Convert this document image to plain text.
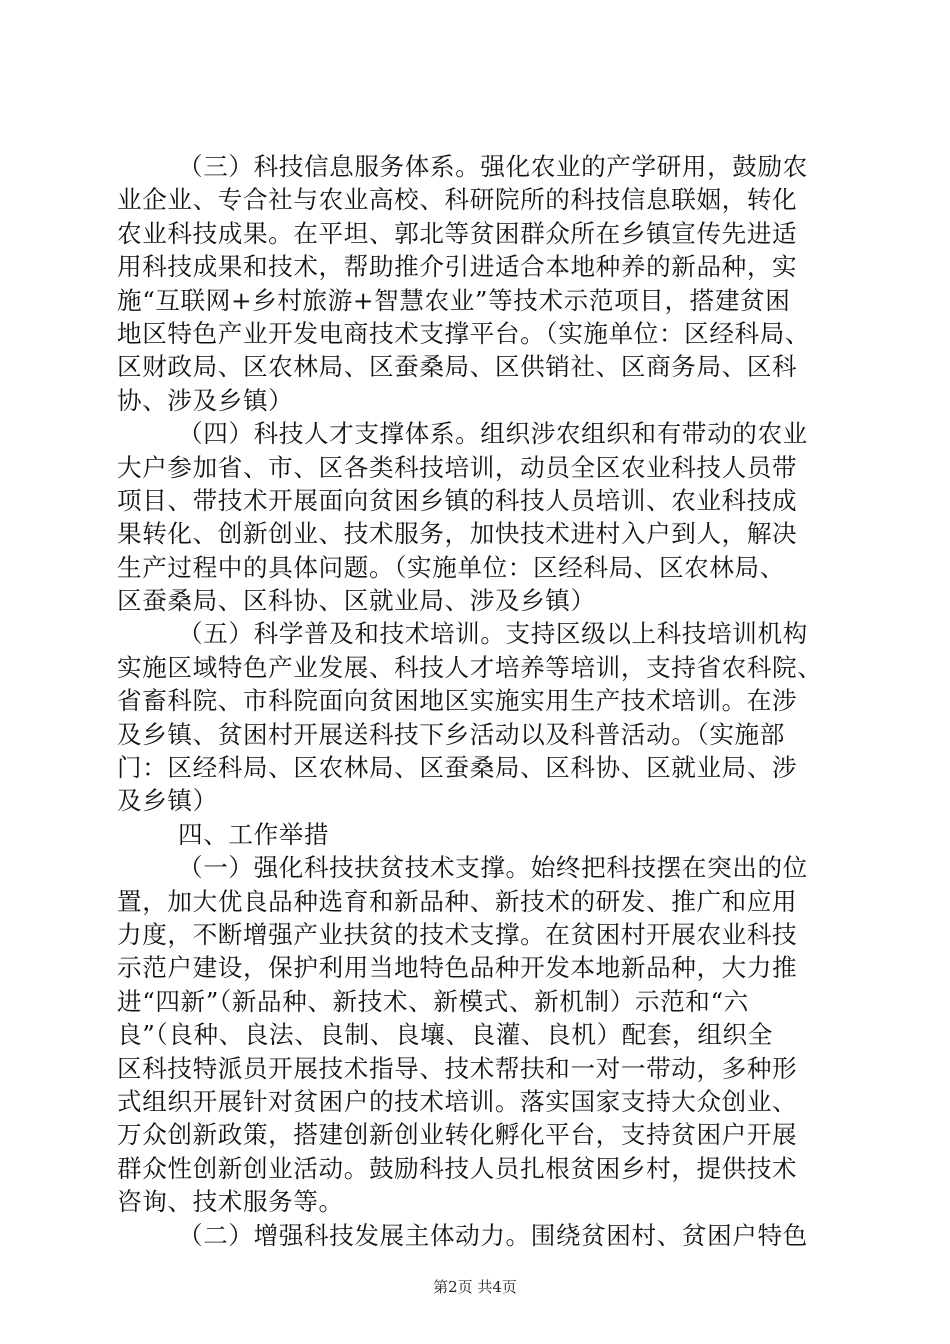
（三）科技信息服务体系。强化农业的产学研用，鼓励农
业企业、专合社与农业高校、科研院所的科技信息联姻，转化
农业科技成果。在平坦、郭北等贫困群众所在乡镇宣传先进适
用科技成果和技术，帮助推介引进适合本地种养的新品种，实
施“互联网+乡村旅游+智慧农业”等技术示范项目，搭建贫困
地区特色产业开发电商技术支撑平台。（实施单位：区经科局、
区财政局、区农林局、区蚕桑局、区供销社、区商务局、区科
协、涉及乡镇）
（四）科技人才支撑体系。组织涉农组织和有带动的农业
大户参加省、市、区各类科技培训，动员全区农业科技人员带
项目、带技术开展面向贫困乡镇的科技人员培训、农业科技成
果转化、创新创业、技术服务，加快技术进村入户到人，解决
生产过程中的具体问题。（实施单位：区经科局、区农林局、
区蚕桑局、区科协、区就业局、涉及乡镇）
（五）科学普及和技术培训。支持区级以上科技培训机构
实施区域特色产业发展、科技人才培养等培训，支持省农科院、
省畜科院、市科院面向贫困地区实施实用生产技术培训。在涉
及乡镇、贫困村开展送科技下乡活动以及科普活动。（实施部
门：区经科局、区农林局、区蚕桑局、区科协、区就业局、涉
及乡镇）
四、工作举措
（一）强化科技扶贫技术支撑。始终把科技摆在突出的位
置，加大优良品种选育和新品种、新技术的研发、推广和应用
力度，不断增强产业扶贫的技术支撑。在贫困村开展农业科技
示范户建设，保护利用当地特色品种开发本地新品种，大力推
进“四新”（新品种、新技术、新模式、新机制）示范和“六
良”（良种、良法、良制、良壤、良灌、良机）配套，组织全
区科技特派员开展技术指导、技术帮扶和一对一带动，多种形
式组织开展针对贫困户的技术培训。落实国家支持大众创业、
万众创新政策，搭建创新创业转化孵化平台，支持贫困户开展
群众性创新创业活动。鼓励科技人员扎根贫困乡村，提供技术
咨询、技术服务等。
（二）增强科技发展主体动力。围绕贫困村、贫困户特色
第2页 共4页
